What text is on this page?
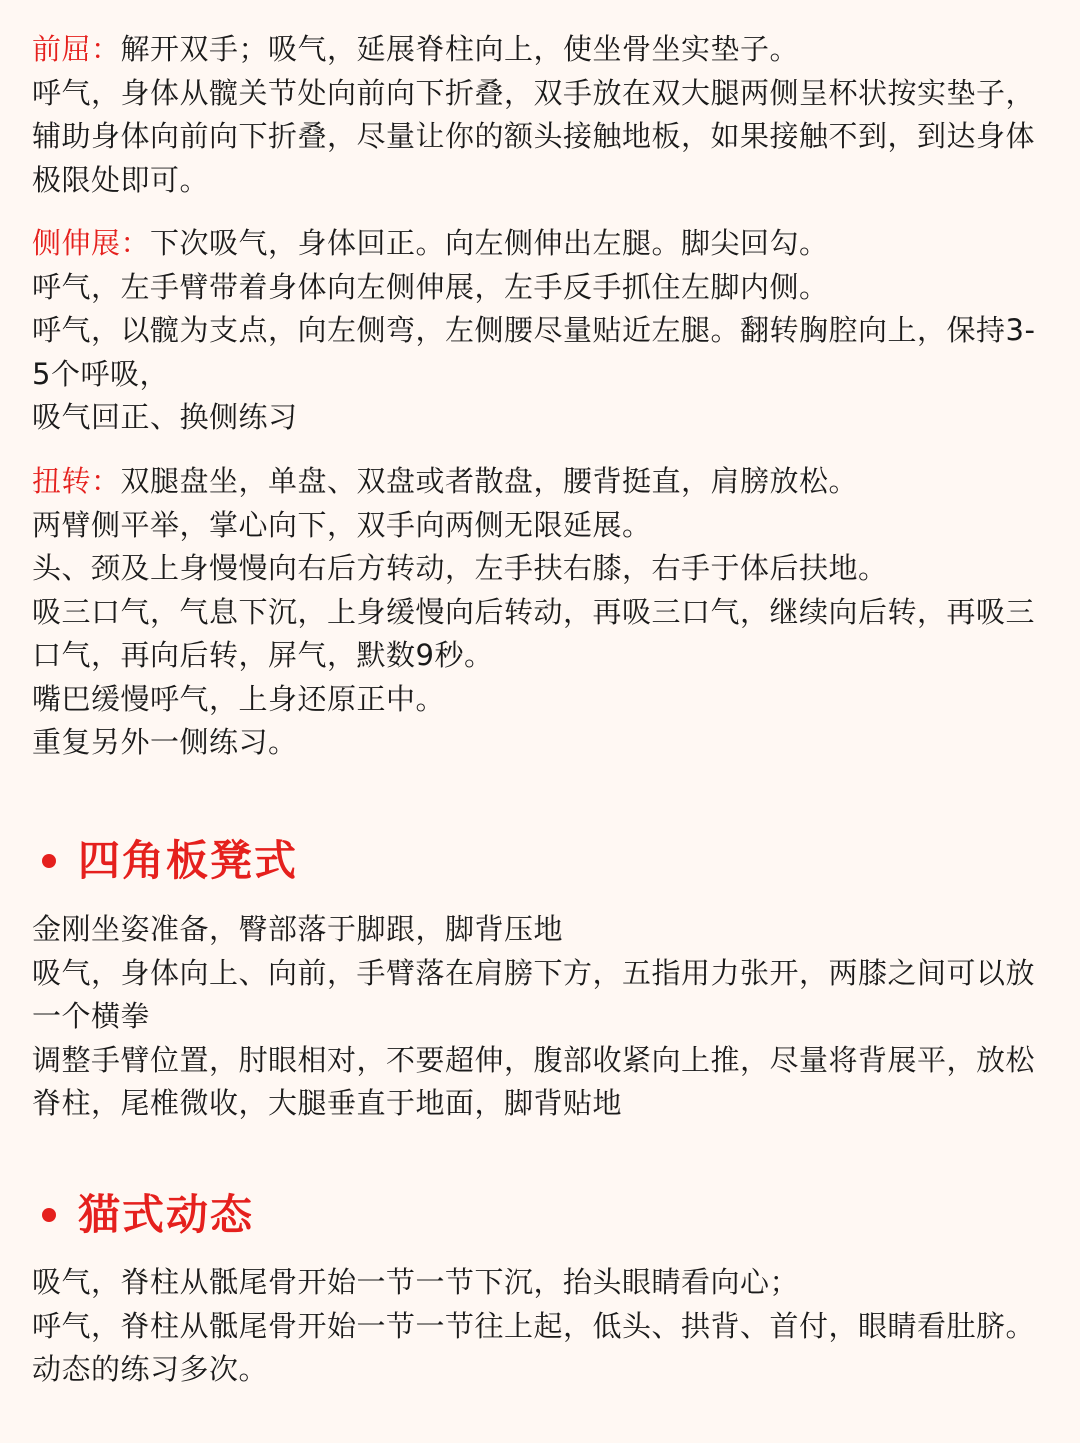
前屈：解开双手；吸气，延展脊柱向上，使坐骨坐实垫子。

呼气，身体从髋关节处向前向下折叠，双手放在双大腿两侧呈杯状按实垫子，辅助身体向前向下折叠，尽量让你的额头接触地板，如果接触不到，到达身体极限处即可。

侧伸展：下次吸气，身体回正。向左侧伸出左腿。脚尖回勾。

呼气，左手臂带着身体向左侧伸展，左手反手抓住左脚内侧。

呼气，以髋为支点，向左侧弯，左侧腰尽量贴近左腿。翻转胸腔向上，保持3-5个呼吸，

吸气回正、换侧练习

扭转：双腿盘坐，单盘、双盘或者散盘，腰背挺直，肩膀放松。

两臂侧平举，掌心向下，双手向两侧无限延展。

头、颈及上身慢慢向右后方转动，左手扶右膝，右手于体后扶地。

吸三口气，气息下沉，上身缓慢向后转动，再吸三口气，继续向后转，再吸三口气，再向后转，屏气，默数9秒。

嘴巴缓慢呼气，上身还原正中。

重复另外一侧练习。

四角板凳式

金刚坐姿准备，臀部落于脚跟，脚背压地

吸气，身体向上、向前，手臂落在肩膀下方，五指用力张开，两膝之间可以放一个横拳

调整手臂位置，肘眼相对，不要超伸，腹部收紧向上推，尽量将背展平，放松脊柱，尾椎微收，大腿垂直于地面，脚背贴地

猫式动态

吸气，脊柱从骶尾骨开始一节一节下沉，抬头眼睛看向心；

呼气，脊柱从骶尾骨开始一节一节往上起，低头、拱背、首付，眼睛看肚脐。动态的练习多次。
